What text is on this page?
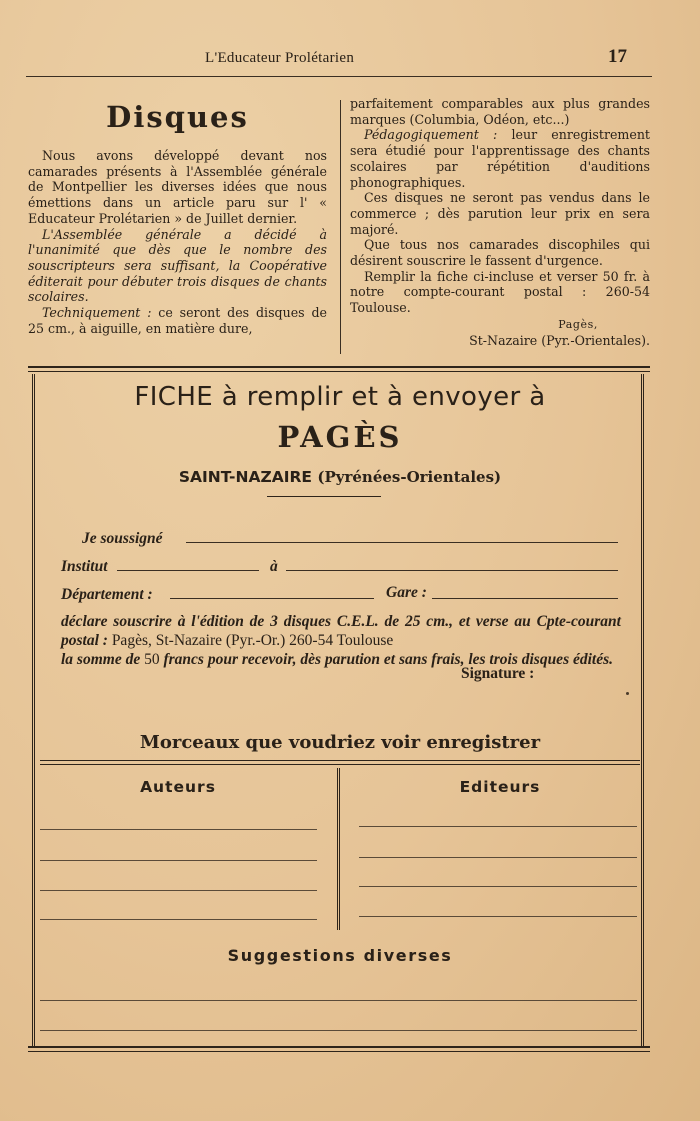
L'Educateur Prolétarien	17
Disques

Nous avons développé devant nos camarades présents à l'Assemblée générale de Montpellier les diverses idées que nous émettions dans un article paru sur l' « Educateur Prolétarien » de Juillet dernier.

L'Assemblée générale a décidé à l'unanimité que dès que le nombre des souscripteurs sera suffisant, la Coopérative éditerait pour débuter trois disques de chants scolaires.

Techniquement : ce seront des disques de 25 cm., à aiguille, en matière dure,

parfaitement comparables aux plus grandes marques (Columbia, Odéon, etc...)

Pédagogiquement : leur enregistrement sera étudié pour l'apprentissage des chants scolaires par répétition d'auditions phonographiques.

Ces disques ne seront pas vendus dans le commerce ; dès parution leur prix en sera majoré.

Que tous nos camarades discophiles qui désirent souscrire le fassent d'urgence.

Remplir la fiche ci-incluse et verser 50 fr. à notre compte-courant postal : 260-54 Toulouse.

Pagès,
St-Nazaire (Pyr.-Orientales).
FICHE à remplir et à envoyer à
PAGÈS
SAINT-NAZAIRE (Pyrénées-Orientales)
Je soussigné
Institut	à
Département :	Gare :
déclare souscrire à l'édition de 3 disques C.E.L. de 25 cm., et verse au Cpte-courant postal : Pagès, St-Nazaire (Pyr.-Or.) 260-54 Toulouse
la somme de 50 francs pour recevoir, dès parution et sans frais, les trois disques édités.
Signature :
Morceaux que voudriez voir enregistrer
Auteurs	Editeurs
Suggestions diverses
